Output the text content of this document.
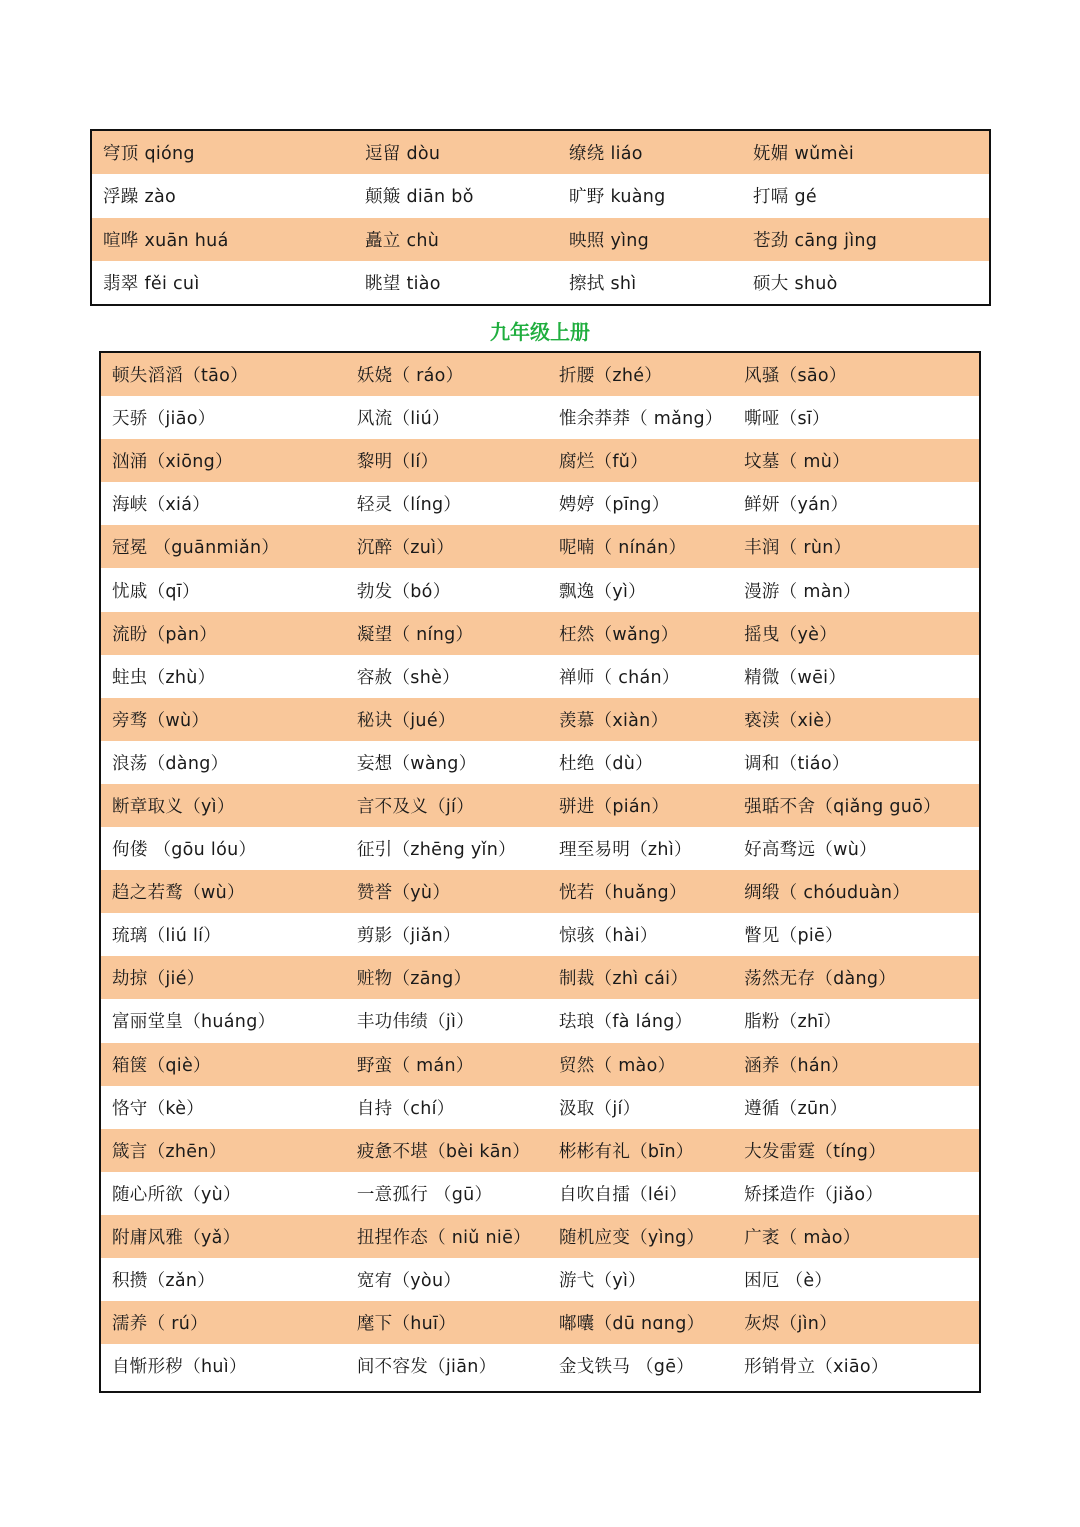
穹顶 qióng	逗留 dòu	缭绕 liáo	妩媚 wǔmèi
浮躁 zào	颠簸 diān bǒ	旷野 kuàng	打嗝 gé
喧哗 xuān huá	矗立 chù	映照 yìng	苍劲 cāng jìng
翡翠 fěi cuì	眺望 tiào	擦拭 shì	硕大 shuò
九年级上册
顿失滔滔（tāo）	妖娆（ ráo）	折腰（zhé）	风骚（sāo）
天骄（jiāo）	风流（liú）	惟余莽莽（ mǎng）	嘶哑（sī）
汹涌（xiōng）	黎明（lí）	腐烂（fǔ）	坟墓（ mù）
海峡（xiá）	轻灵（líng）	娉婷（pīng）	鲜妍（yán）
冠冕 （guānmiǎn）	沉醉（zuì）	呢喃（ nínán）	丰润（ rùn）
忧戚（qī）	勃发（bó）	飘逸（yì）	漫游（ màn）
流盼（pàn）	凝望（ níng）	枉然（wǎng）	摇曳（yè）
蛀虫（zhù）	容赦（shè）	禅师（ chán）	精微（wēi）
旁骛（wù）	秘诀（jué）	羡慕（xiàn）	亵渎（xiè）
浪荡（dàng）	妄想（wàng）	杜绝（dù）	调和（tiáo）
断章取义（yì）	言不及义（jí）	骈进（pián）	强聒不舍（qiǎng guō）
佝偻 （gōu lóu）	征引（zhēng yǐn）	理至易明（zhì）	好高骛远（wù）
趋之若鹜（wù）	赞誉（yù）	恍若（huǎng）	绸缎（ chóuduàn）
琉璃（liú lí）	剪影（jiǎn）	惊骇（hài）	瞥见（piē）
劫掠（jié）	赃物（zāng）	制裁（zhì cái）	荡然无存（dàng）
富丽堂皇（huáng）	丰功伟绩（jì）	珐琅（fà láng）	脂粉（zhī）
箱箧（qiè）	野蛮（ mán）	贸然（ mào）	涵养（hán）
恪守（kè）	自持（chí）	汲取（jí）	遵循（zūn）
箴言（zhēn）	疲惫不堪（bèi kān）	彬彬有礼（bīn）	大发雷霆（tíng）
随心所欲（yù）	一意孤行 （gū）	自吹自擂（léi）	矫揉造作（jiǎo）
附庸风雅（yǎ）	扭捏作态（ niǔ niē）	随机应变（yìng）	广袤（ mào）
积攒（zǎn）	宽宥（yòu）	游弋（yì）	困厄 （è）
濡养（ rú）	麾下（huī）	嘟囔（dū nɑng）	灰烬（jìn）
自惭形秽（huì）	间不容发（jiān）	金戈铁马 （gē）	形销骨立（xiāo）
